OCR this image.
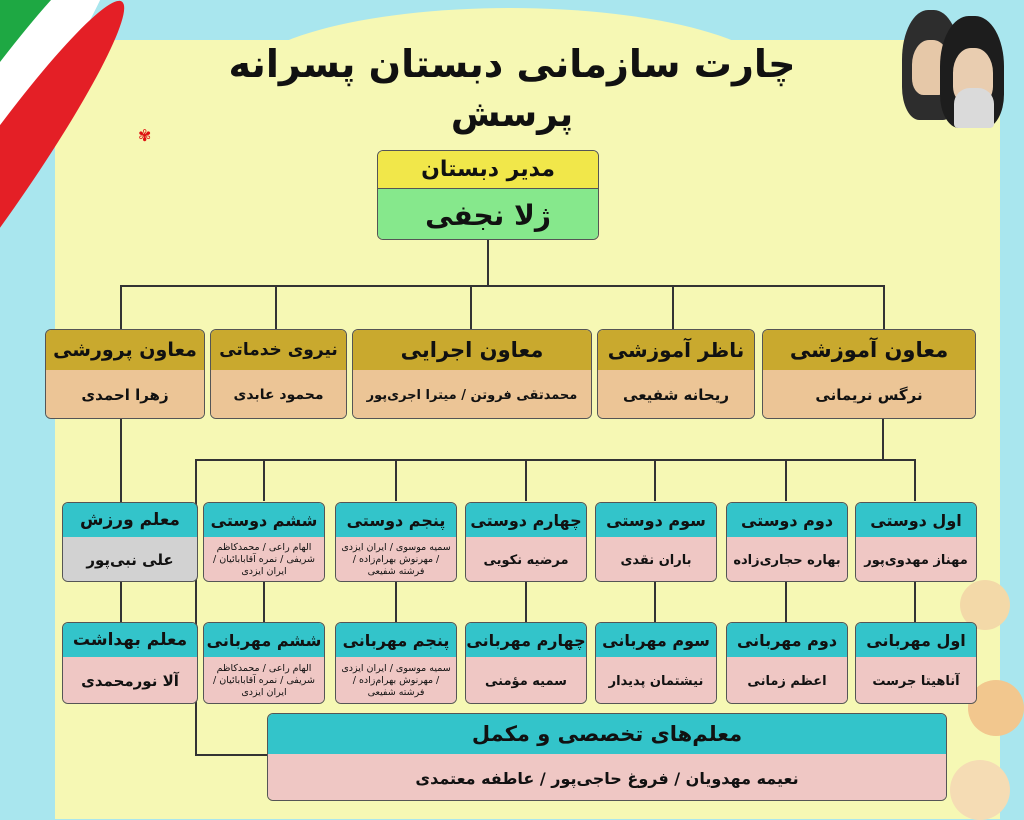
✾
چارت سازمانی دبستان پسرانه
پرسش
مدیر دبستان
ژلا نجفی
معاون آموزشی
نرگس نریمانی
ناظر آموزشی
ریحانه شفیعی
معاون اجرایی
محمدتقی فروتن / میترا اجری‌پور
نیروی خدماتی
محمود عابدی
معاون پرورشی
زهرا احمدی
اول دوستی
مهناز مهدوی‌پور
دوم دوستی
بهاره حجاری‌زاده
سوم دوستی
باران نقدی
چهارم دوستی
مرضیه نکویی
پنجم دوستی
سمیه موسوی / ایران ایزدی / مهرنوش بهرام‌زاده / فرشته شفیعی
ششم دوستی
الهام راعی / محمدکاظم شریفی / نمره آقابابائیان / ایران ایزدی
اول مهربانی
آناهیتا جرست
دوم مهربانی
اعظم زمانی
سوم مهربانی
نیشتمان پدیدار
چهارم مهربانی
سمیه مؤمنی
پنجم مهربانی
سمیه موسوی / ایران ایزدی / مهرنوش بهرام‌زاده / فرشته شفیعی
ششم مهربانی
الهام راعی / محمدکاظم شریفی / نمره آقابابائیان / ایران ایزدی
معلم ورزش
علی نبی‌پور
معلم بهداشت
آلا نورمحمدی
معلم‌های تخصصی و مکمل
نعیمه مهدویان / فروغ حاجی‌پور / عاطفه معتمدی
